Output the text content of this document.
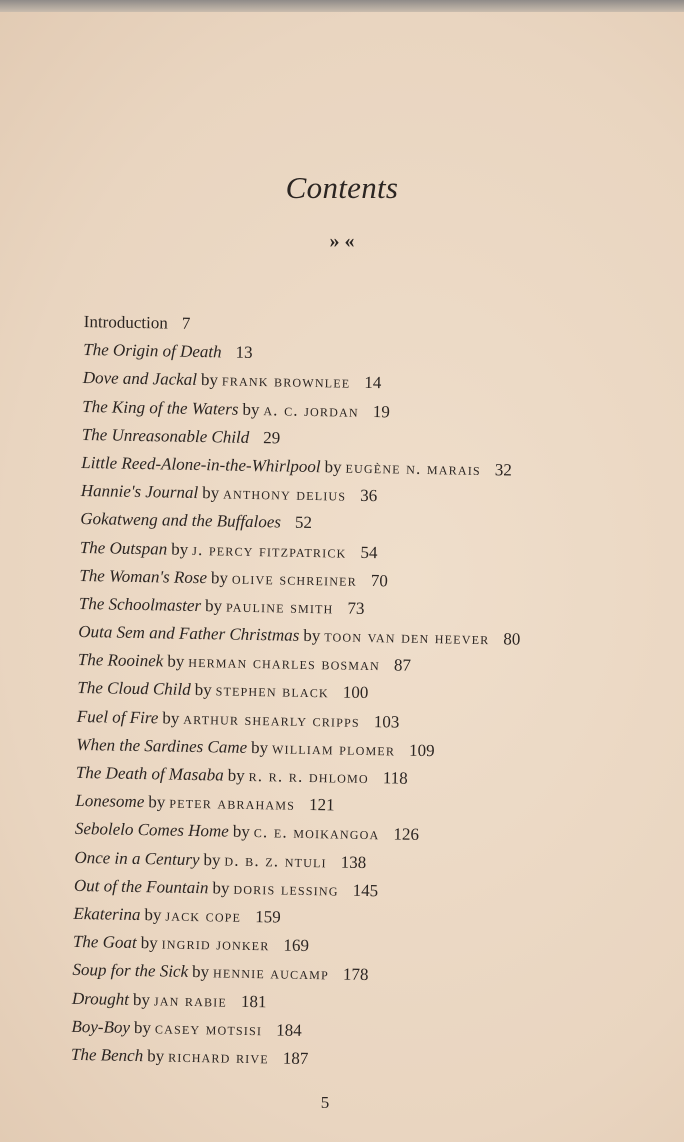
Contents
» «
Introduction 7
The Origin of Death 13
Dove and Jackal by frank brownlee 14
The King of the Waters by a. c. jordan 19
The Unreasonable Child 29
Little Reed-Alone-in-the-Whirlpool by eugène n. marais 32
Hannie's Journal by anthony delius 36
Gokatweng and the Buffaloes 52
The Outspan by j. percy fitzpatrick 54
The Woman's Rose by olive schreiner 70
The Schoolmaster by pauline smith 73
Outa Sem and Father Christmas by toon van den heever 80
The Rooinek by herman charles bosman 87
The Cloud Child by stephen black 100
Fuel of Fire by arthur shearly cripps 103
When the Sardines Came by william plomer 109
The Death of Masaba by r. r. r. dhlomo 118
Lonesome by peter abrahams 121
Sebolelo Comes Home by c. e. moikangoa 126
Once in a Century by d. b. z. ntuli 138
Out of the Fountain by doris lessing 145
Ekaterina by jack cope 159
The Goat by ingrid jonker 169
Soup for the Sick by hennie aucamp 178
Drought by jan rabie 181
Boy-Boy by casey motsisi 184
The Bench by richard rive 187
5
